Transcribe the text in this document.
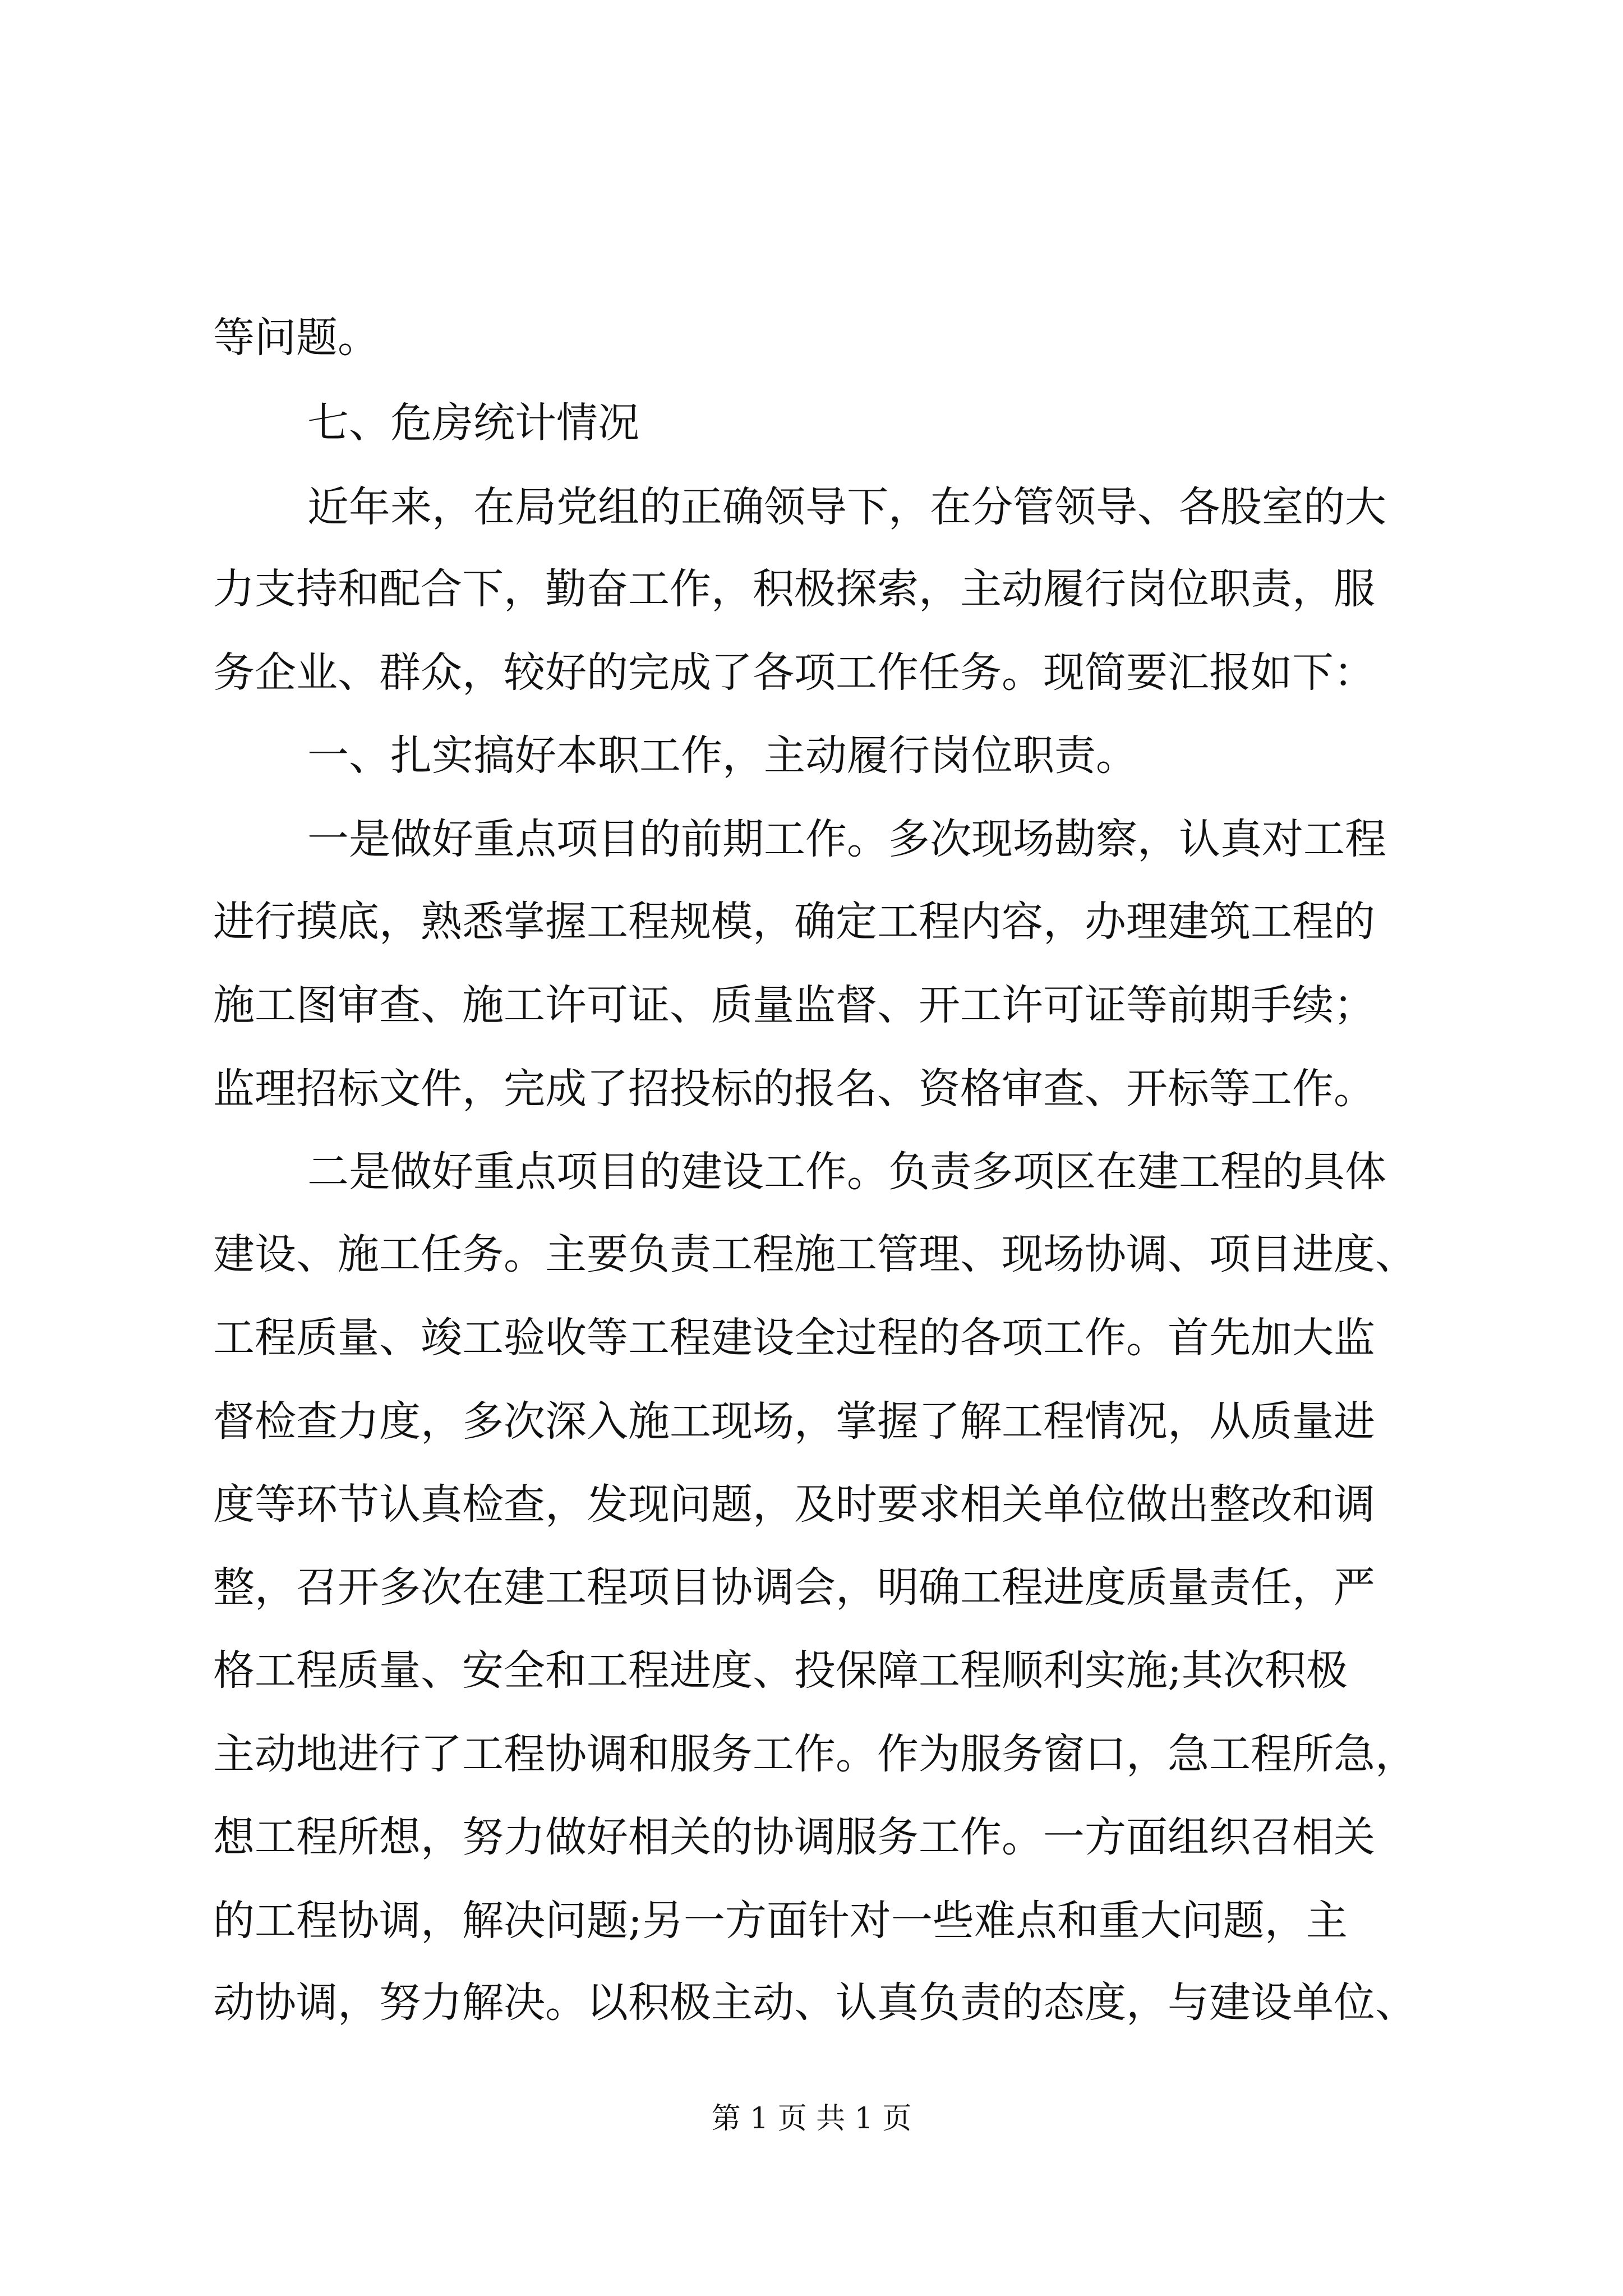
等问题。
七、危房统计情况
近年来，在局党组的正确领导下，在分管领导、各股室的大
力支持和配合下，勤奋工作，积极探索，主动履行岗位职责，服
务企业、群众，较好的完成了各项工作任务。现简要汇报如下：
一、扎实搞好本职工作，主动履行岗位职责。
一是做好重点项目的前期工作。多次现场勘察，认真对工程
进行摸底，熟悉掌握工程规模，确定工程内容，办理建筑工程的
施工图审查、施工许可证、质量监督、开工许可证等前期手续；
监理招标文件，完成了招投标的报名、资格审查、开标等工作。
二是做好重点项目的建设工作。负责多项区在建工程的具体
建设、施工任务。主要负责工程施工管理、现场协调、项目进度、
工程质量、竣工验收等工程建设全过程的各项工作。首先加大监
督检查力度，多次深入施工现场，掌握了解工程情况，从质量进
度等环节认真检查，发现问题，及时要求相关单位做出整改和调
整，召开多次在建工程项目协调会，明确工程进度质量责任，严
格工程质量、安全和工程进度、投保障工程顺利实施;其次积极
主动地进行了工程协调和服务工作。作为服务窗口，急工程所急，
想工程所想，努力做好相关的协调服务工作。一方面组织召相关
的工程协调，解决问题;另一方面针对一些难点和重大问题，主
动协调，努力解决。以积极主动、认真负责的态度，与建设单位、
第 1 页 共 1 页
